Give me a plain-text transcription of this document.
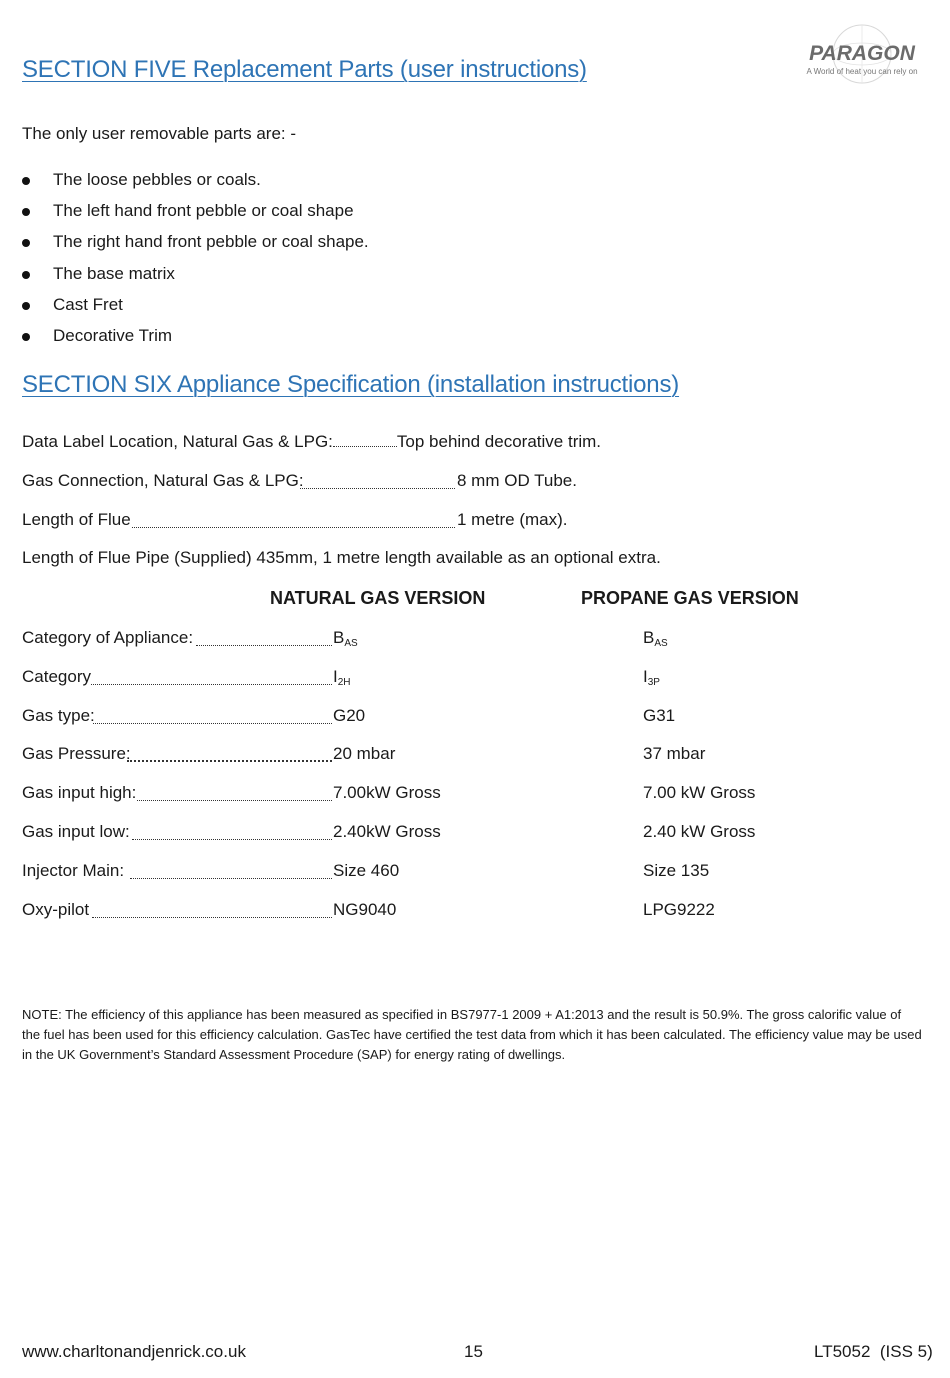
PARAGON
A World of heat you can rely on
SECTION FIVE Replacement Parts (user instructions)
The only user removable parts are: -
The loose pebbles or coals.
The left hand front pebble or coal shape
The right hand front pebble or coal shape.
The base matrix
Cast Fret
Decorative Trim
SECTION SIX Appliance Specification (installation instructions)
Data Label Location, Natural Gas & LPG:	Top behind decorative trim.
Gas Connection, Natural Gas & LPG:	8 mm OD Tube.
Length of Flue	1 metre (max).
Length of Flue Pipe (Supplied) 435mm, 1 metre length available as an optional extra.
NATURAL GAS VERSION	PROPANE GAS VERSION
Category of Appliance:	BAS	BAS
Category	I2H	I3P
Gas type:	G20	G31
Gas Pressure:	20 mbar	37 mbar
Gas input high:	7.00kW Gross	7.00 kW Gross
Gas input low:	2.40kW Gross	2.40 kW Gross
Injector Main:	Size 460	Size 135
Oxy-pilot	NG9040	LPG9222
NOTE: The efficiency of this appliance has been measured as specified in BS7977-1 2009 + A1:2013 and the result is 50.9%. The gross calorific value of the fuel has been used for this efficiency calculation. GasTec have certified the test data from which it has been calculated. The efficiency value may be used in the UK Government’s Standard Assessment Procedure (SAP) for energy rating of dwellings.
www.charltonandjenrick.co.uk	15	LT5052  (ISS 5)
